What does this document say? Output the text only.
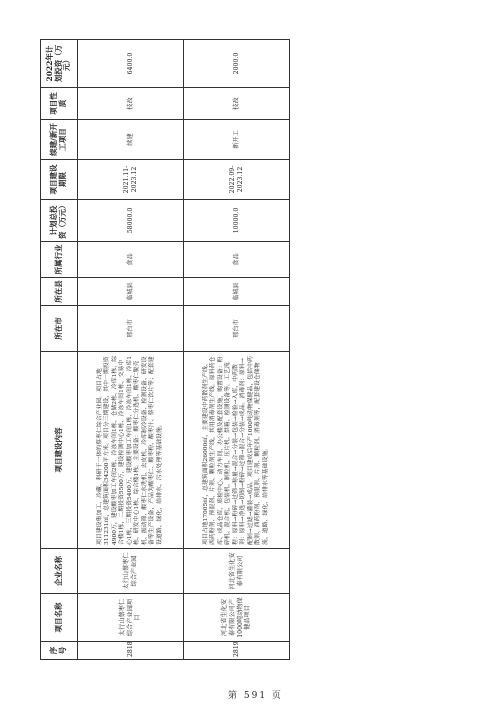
序号	项目名称	企业名称	项目建设内容	所在市	所在县	所属行业	计划总投资（万元）	项目建设期限	续建/新开工项目	项目性质	2022年计划投资（万元）
2818	太行山蔡枣仁综合产业园项目	太行山蔡枣仁综合产业园	项目建设集加工、冷藏、科研于一体的蔡枣仁综合产业园。项目占地311231㎡，总建筑面积34200平方米。项目分三期建设，其中一期投资4900万，建设酸枣加工车间2栋、冷冻车间1栋、仓储2栋、冷库1栋、综合楼1栋，二期投资5500万，建设检测中心1栋、冷冻车间1栋、交易中心1栋，三期投资5400万，建设酸枣加工车间1栋、冷冻车间1栋、冷库1栋、研发中心1栋、综合楼1栋。主要设备：酸枣仁分选机、酸枣仁脱壳机、振动筛、酸枣仁水洗机、去皮机、冷库制冷设备、检测设备、研发设备等生产设备，产品为酸枣仁、酸枣粉、酸枣汁、蔡枣仁饮片等；配套建设道路、绿化、给排水、污水处理等基础设施。	邢台市	临城县	食品	58000.0	2021.11-2023.12	续建	技改	6400.0
2819	河北省生化安泰有限公司产1000吨动物保健品项目	河北省生化安泰有限公司	项目占地17005㎡，总建筑面积26000㎡，主要建设中药散剂生产线、西药粉剂、预混剂、片剂、颗粒剂生产线，其用消毒剂生产线。原料药仓库、成品仓库、质检中心、动力车间、办公楼及配套设施，购置设备：粉碎机、混合机、包装机、制粒机、压片机、烘箱、检测设备等。工艺流程：原料→粉碎→过筛→称量→混合→分装→包装→检验→入库，中药散剂：原料→净选→切制→粉碎→过筛→混合→分装→成品。消毒剂：原料→配制→过滤→灌装→成品。项目建成后年产1000吨动物保健品，包括中药散剂、西药粉剂、预混剂、片剂、颗粒剂、消毒剂等，配套建设仓储物流、道路、绿化、给排水等基础设施。	邢台市	临城县	食品	10000.0	2022.09-2023.12	新开工	技改	2000.0
第 591 页
